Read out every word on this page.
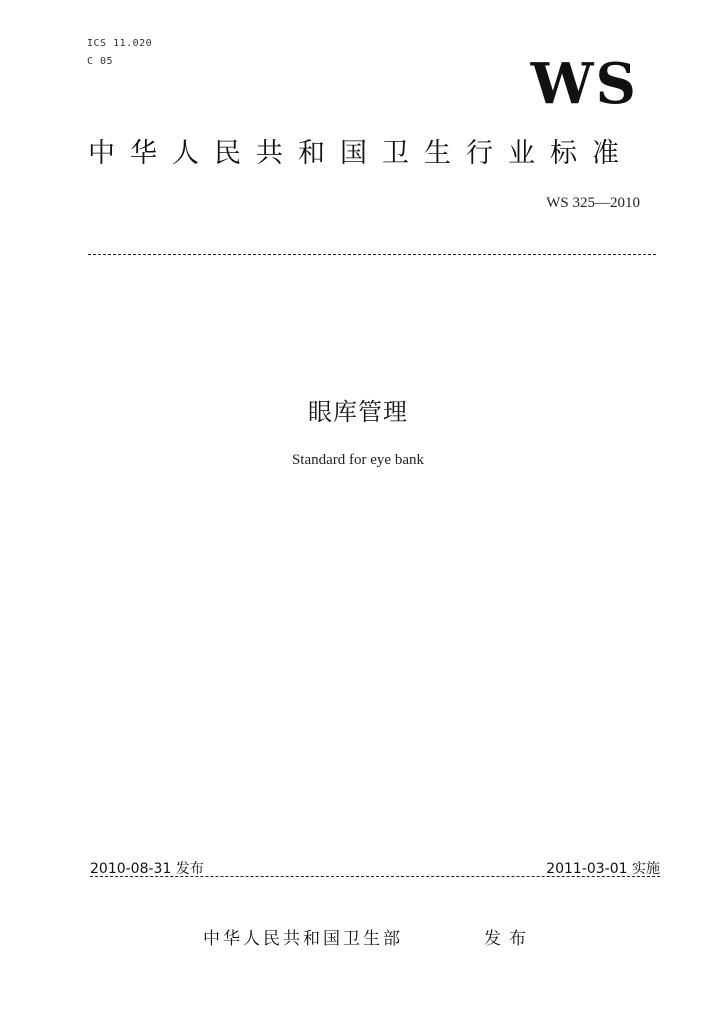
ICS 11.020
C 05	WS
中华人民共和国卫生行业标准
WS 325—2010
眼库管理
Standard for eye bank
2010-08-31 发布	2011-03-01 实施
中华人民共和国卫生部	发布
